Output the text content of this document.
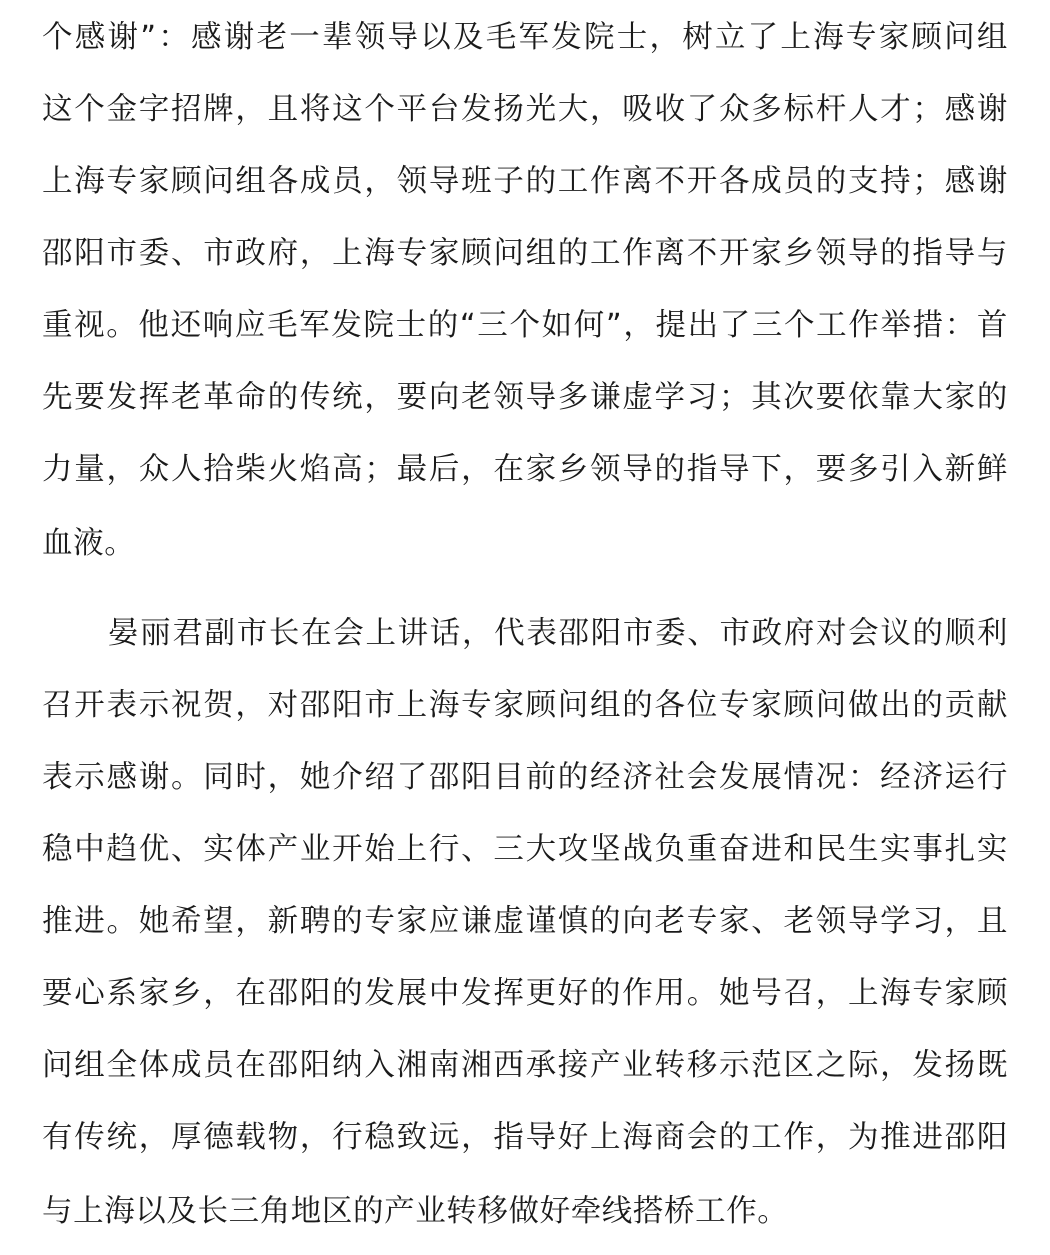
个感谢”：感谢老一辈领导以及毛军发院士，树立了上海专家顾问组
这个金字招牌，且将这个平台发扬光大，吸收了众多标杆人才；感谢
上海专家顾问组各成员，领导班子的工作离不开各成员的支持；感谢
邵阳市委、市政府，上海专家顾问组的工作离不开家乡领导的指导与
重视。他还响应毛军发院士的“三个如何”，提出了三个工作举措：首
先要发挥老革命的传统，要向老领导多谦虚学习；其次要依靠大家的
力量，众人拾柴火焰高；最后，在家乡领导的指导下，要多引入新鲜
血液。
晏丽君副市长在会上讲话，代表邵阳市委、市政府对会议的顺利
召开表示祝贺，对邵阳市上海专家顾问组的各位专家顾问做出的贡献
表示感谢。同时，她介绍了邵阳目前的经济社会发展情况：经济运行
稳中趋优、实体产业开始上行、三大攻坚战负重奋进和民生实事扎实
推进。她希望，新聘的专家应谦虚谨慎的向老专家、老领导学习，且
要心系家乡，在邵阳的发展中发挥更好的作用。她号召，上海专家顾
问组全体成员在邵阳纳入湘南湘西承接产业转移示范区之际，发扬既
有传统，厚德载物，行稳致远，指导好上海商会的工作，为推进邵阳
与上海以及长三角地区的产业转移做好牵线搭桥工作。
